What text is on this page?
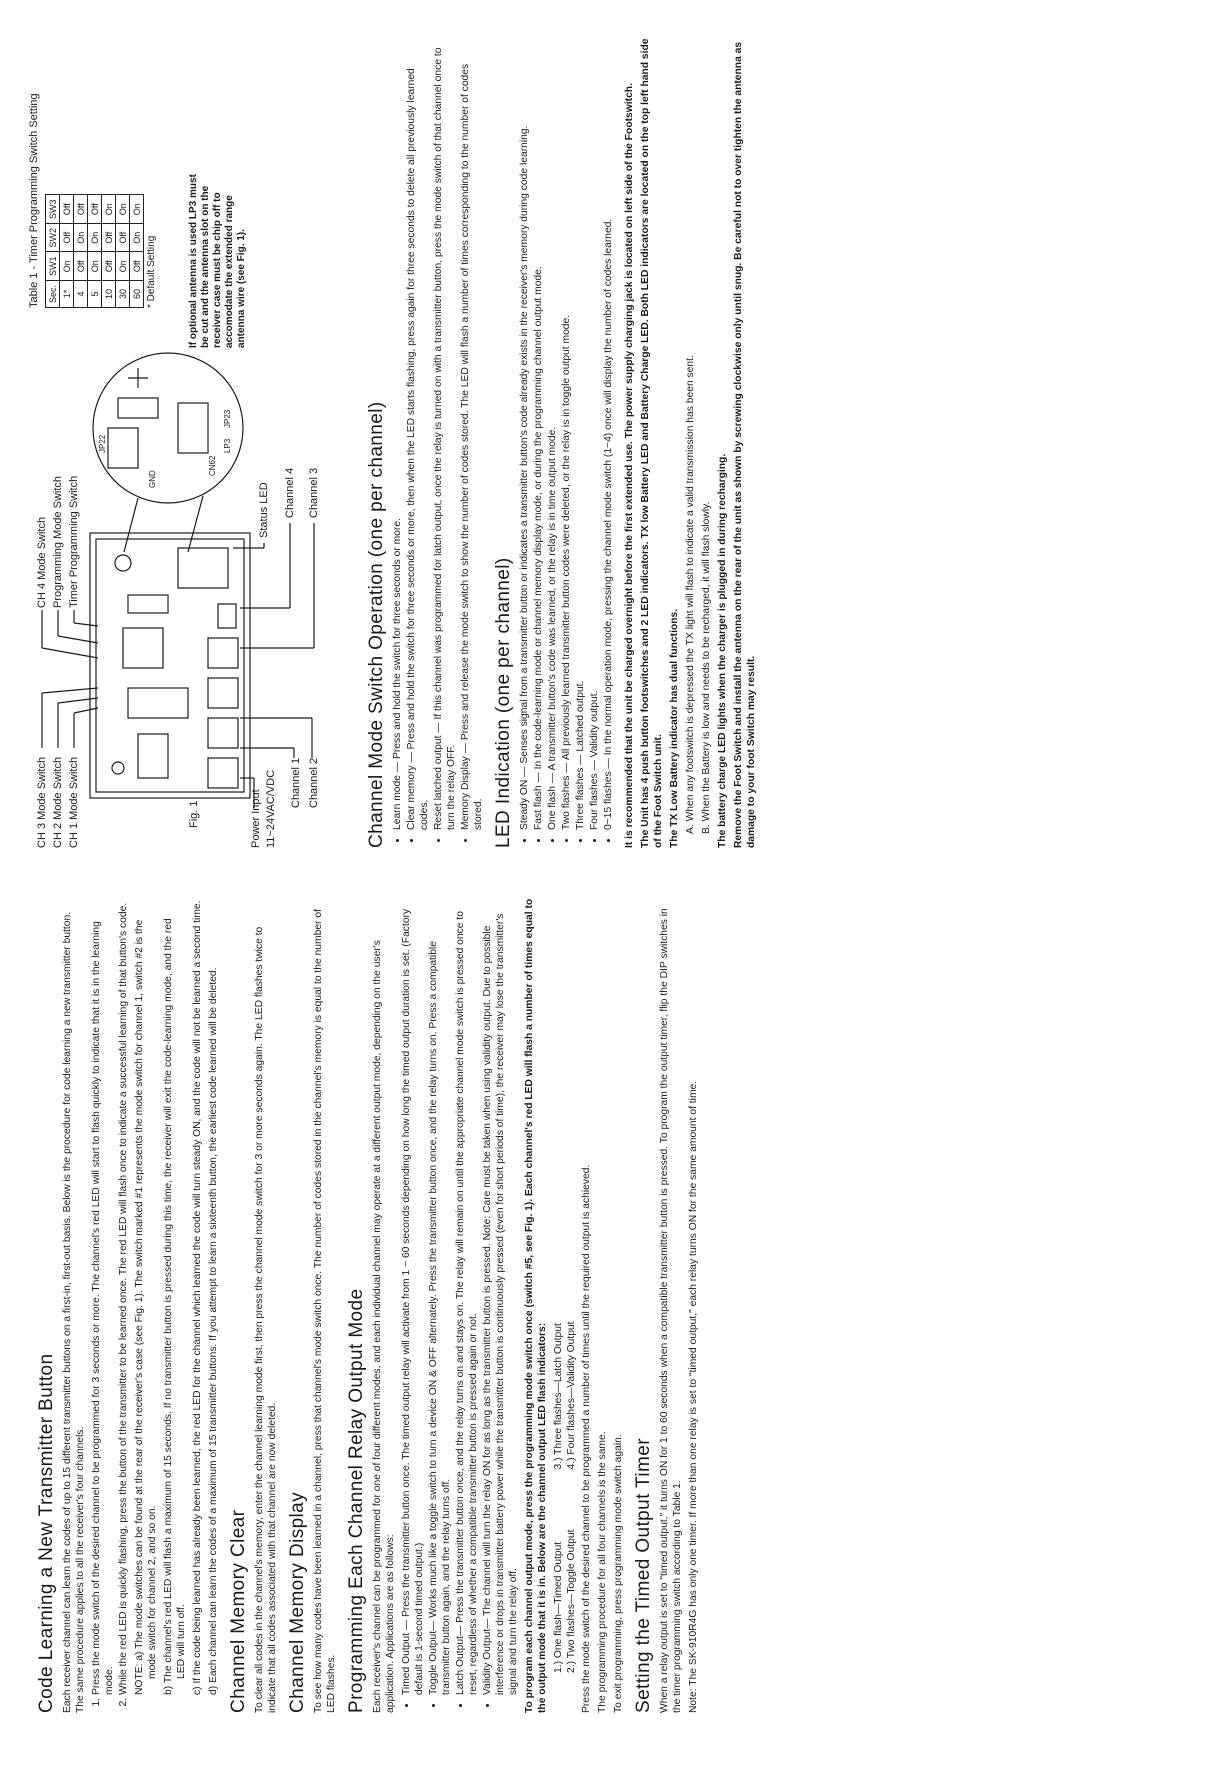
Code Learning a New Transmitter Button Each receiver channel can learn the codes of up to 15 different transmitter buttons on a first-in, first-out basis. Below is the procedure for code learning a new transmitter button. The same procedure applies to all the receiver's four channels. 1. Press the mode switch of the desired channel to be programmed for 3 seconds or more. The channel's red LED will start to flash quickly to indicate that it is in the learning mode. 2. While the red LED is quickly flashing, press the button of the transmitter to be learned once. The red LED will flash once to indicate a successful learning of that button's code. NOTE: a) The mode switches can be found at the rear of the receiver's case (see Fig. 1). The switch marked #1 represents the mode switch for channel 1, switch #2 is the mode switch for channel 2, and so on. b) The channel's red LED will flash a maximum of 15 seconds. If no transmitter button is pressed during this time, the receiver will exit the code-learning mode, and the red LED will turn off. c) If the code being learned has already been learned, the red LED for the channel which learned the code will turn steady ON, and the code will not be learned a second time. d) Each channel can learn the codes of a maximum of 15 transmitter buttons. If you attempt to learn a sixteenth button, the earliest code learned will be deleted. Channel Memory Clear To clear all codes in the channel's memory, enter the channel learning mode first, then press the channel mode switch for 3 or more seconds again. The LED flashes twice to indicate that all codes associated with that channel are now deleted. Channel Memory Display To see how many codes have been learned in a channel, press that channel's mode switch once. The number of codes stored in the channel's memory is equal to the number of LED flashes. Programming Each Channel Relay Output Mode Each receiver's channel can be programmed for one of four different modes, and each individual channel may operate at a different output mode, depending on the user's application. Applications are as follows: • Timed Output — Press the transmitter button once. The timed output relay will activate from 1 ~ 60 seconds depending on how long the timed output duration is set. (Factory default is 1-second timed output.) • Toggle Output— Works much like a toggle switch to turn a device ON & OFF alternately. Press the transmitter button once, and the relay turns on. Press a compatible transmitter button again, and the relay turns off. • Latch Output— Press the transmitter button once, and the relay turns on and stays on. The relay will remain on until the appropriate channel mode switch is pressed once to reset, regardless of whether a compatible transmitter button is pressed again or not. • Validity Output— The channel will turn the relay ON for as long as the transmitter button is pressed. Note: Care must be taken when using validity output. Due to possible interference or drops in transmitter battery power while the transmitter button is continuously pressed (even for short periods of time), the receiver may lose the transmitter's signal and turn the relay off. To program each channel output mode, press the programming mode switch once (switch #5, see Fig. 1). Each channel's red LED will flash a number of times equal to the output mode that it is in. Below are the channel output LED flash indicators: 1.) One flash—Timed Output 2.) Two flashes—Toggle Output
3.) Three flashes—Latch Output 4.) Four flashes—Validity Output Press the mode switch of the desired channel to be programmed a number of times until the required output is achieved. The programming procedure for all four channels is the same. To exit programming, press programming mode switch again. Setting the Timed Output Timer When a relay output is set to "timed output," it turns ON for 1 to 60 seconds when a compatible transmitter button is pressed. To program the output timer, flip the DIP switches in the timer programming switch according to Table 1. Note: The SK-910R4G has only one timer. If more than one relay is set to "timed output," each relay turns ON for the same amount of time.

CH 3 Mode Switch CH 2 Mode Switch CH 1 Mode Switch
CH 4 Mode Switch Programming Mode Switch Timer Programming Switch
Fig. 1	Power Input 11~24VAC/VDC Channel 1 Channel 2
Status LED Channel 4 Channel 3
CN62
LP3
JP23
JP22
GND

If optional antenna is used LP3 must be cut and the antenna slot on the receiver case must be chip off to accomodate the extended range antenna wire (see Fig. 1).

Table 1 - Timer Programming Switch Setting Sec.	SW1	SW2	SW3
1*	On	Off	Off
4	Off	On	Off
5	On	On	Off
10	Off	Off	On
30	On	Off	On
60	Off	On	On
* Default Setting
Channel Mode Switch Operation (one per channel) • Learn mode — Press and hold the switch for three seconds or more. • Clear memory — Press and hold the switch for three seconds or more, then when the LED starts flashing, press again for three seconds to delete all previously learned codes. • Reset latched output — If this channel was programmed for latch output, once the relay is turned on with a transmitter button, press the mode switch of that channel once to turn the relay OFF. • Memory Display — Press and release the mode switch to show the number of codes stored. The LED will flash a number of times corresponding to the number of codes stored. LED Indication (one per channel) • Steady ON — Senses signal from a transmitter button or indicates a transmitter button's code already exists in the receiver's memory during code learning. • Fast flash — In the code-learning mode or channel memory display mode, or during the programming channel output mode. • One flash — A transmitter button's code was learned, or the relay is in time output mode. • Two flashes — All previously learned transmitter button codes were deleted, or the relay is in toggle output mode. • Three flashes — Latched output. • Four flashes — Validity output. • 0~15 flashes — In the normal operation mode, pressing the channel mode switch (1~4) once will display the number of codes learned. It is recommended that the unit be charged overnight before the first extended use. The power supply charging jack is located on left side of the Footswitch. The Unit has 4 push button footswitches and 2 LED indicators. TX low Battery LED and Battery Charge LED. Both LED indicators are located on the top left hand side of the Foot Switch unit. The TX Low Battery indicator has dual functions. A. When any footswitch is depressed the TX light will flash to indicate a valid transmission has been sent. B. When the Battery is low and needs to be recharged, it will flash slowly. The battery charge LED lights when the charger is plugged in during recharging. Remove the Foot Switch and install the antenna on the rear of the unit as shown by screwing clockwise only until snug. Be careful not to over tighten the antenna as damage to your foot Switch may result.
